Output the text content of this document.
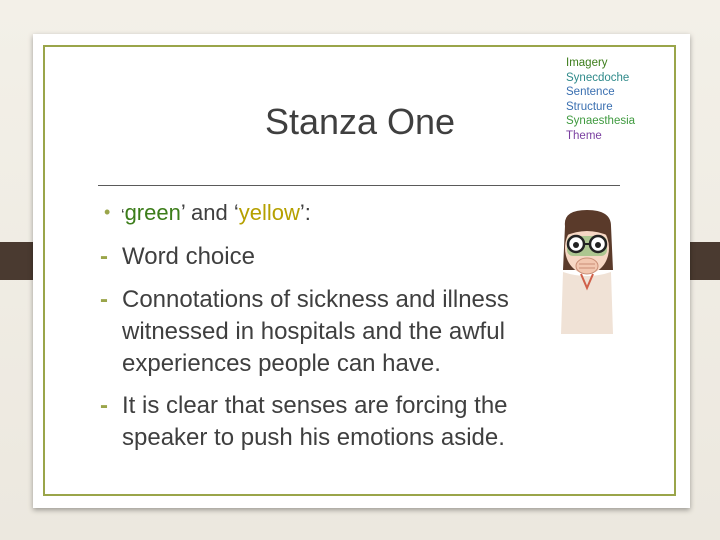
Stanza One
Imagery
Synecdoche
Sentence
Structure
Synaesthesia
Theme
• ‘green’ and ‘yellow’:
- Word choice
- Connotations of sickness and illness witnessed in hospitals and the awful experiences people can have.
- It is clear that senses are forcing the speaker to push his emotions aside.
